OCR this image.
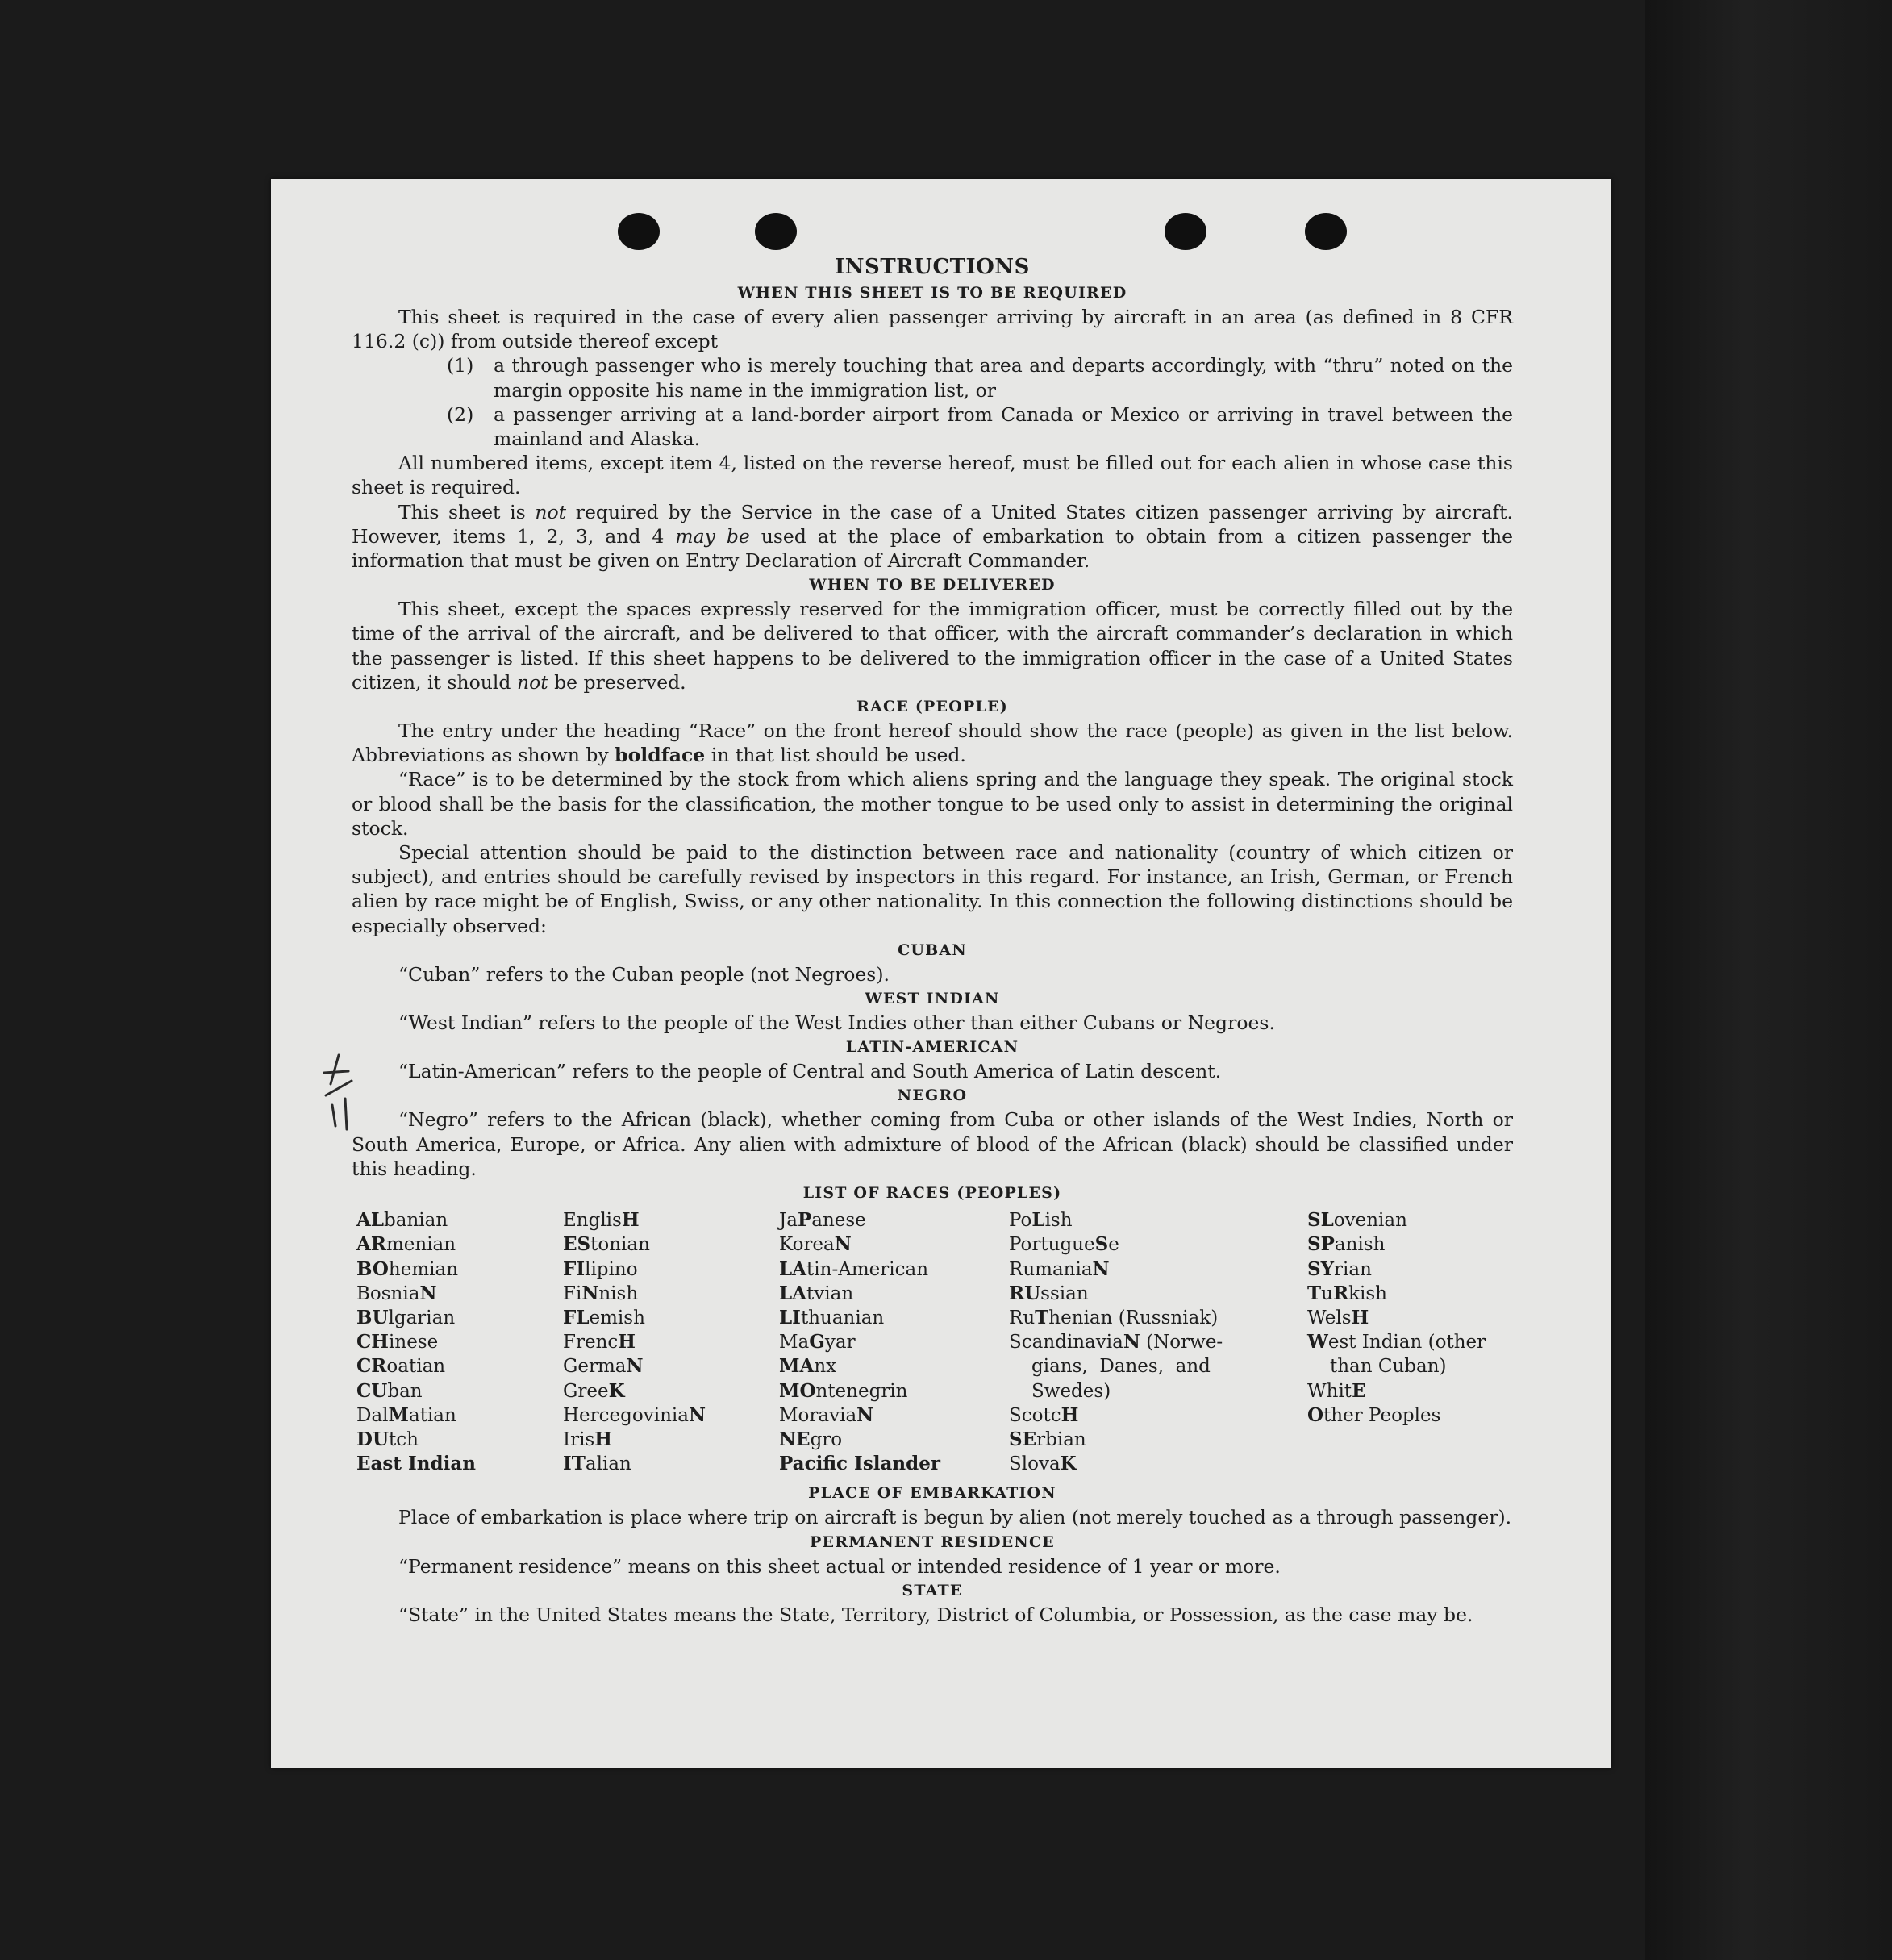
INSTRUCTIONS
WHEN THIS SHEET IS TO BE REQUIRED

This sheet is required in the case of every alien passenger arriving by aircraft in an area (as defined in 8 CFR 116.2 (c)) from outside thereof except

(1)	a through passenger who is merely touching that area and departs accordingly, with “thru” noted on the margin opposite his name in the immigration list, or
(2)	a passenger arriving at a land-border airport from Canada or Mexico or arriving in travel between the mainland and Alaska.

All numbered items, except item 4, listed on the reverse hereof, must be filled out for each alien in whose case this sheet is required.

This sheet is not required by the Service in the case of a United States citizen passenger arriving by aircraft. However, items 1, 2, 3, and 4 may be used at the place of embarkation to obtain from a citizen passenger the information that must be given on Entry Declaration of Aircraft Commander.

WHEN TO BE DELIVERED

This sheet, except the spaces expressly reserved for the immigration officer, must be correctly filled out by the time of the arrival of the aircraft, and be delivered to that officer, with the aircraft commander’s declaration in which the passenger is listed. If this sheet happens to be delivered to the immigration officer in the case of a United States citizen, it should not be preserved.

RACE (PEOPLE)

The entry under the heading “Race” on the front hereof should show the race (people) as given in the list below. Abbreviations as shown by boldface in that list should be used.

“Race” is to be determined by the stock from which aliens spring and the language they speak. The original stock or blood shall be the basis for the classification, the mother tongue to be used only to assist in determining the original stock.

Special attention should be paid to the distinction between race and nationality (country of which citizen or subject), and entries should be carefully revised by inspectors in this regard. For instance, an Irish, German, or French alien by race might be of English, Swiss, or any other nationality. In this connection the following distinctions should be especially observed:

CUBAN

“Cuban” refers to the Cuban people (not Negroes).

WEST INDIAN

“West Indian” refers to the people of the West Indies other than either Cubans or Negroes.

LATIN-AMERICAN

“Latin-American” refers to the people of Central and South America of Latin descent.

NEGRO

“Negro” refers to the African (black), whether coming from Cuba or other islands of the West Indies, North or South America, Europe, or Africa. Any alien with admixture of blood of the African (black) should be classified under this heading.

LIST OF RACES (PEOPLES)
ALbanian
ARmenian
BOhemian
BosniaN
BUlgarian
CHinese
CRoatian
CUban
DalMatian
DUtch
East Indian
EnglisH
EStonian
FIlipino
FiNnish
FLemish
FrencH
GermaN
GreeK
HercegoviniaN
IrisH
ITalian
JaPanese
KoreaN
LAtin-American
LAtvian
LIthuanian
MaGyar
MAnx
MOntenegrin
MoraviaN
NEgro
Pacific Islander
PoLish
PortugueSe
RumaniaN
RUssian
RuThenian (Russniak)
ScandinaviaN (Norwe-
gians,  Danes,  and
Swedes)
ScotcH
SErbian
SlovaK
SLovenian
SPanish
SYrian
TuRkish
WelsH
West Indian (other
than Cuban)
WhitE
Other Peoples
PLACE OF EMBARKATION

Place of embarkation is place where trip on aircraft is begun by alien (not merely touched as a through passenger).

PERMANENT RESIDENCE

“Permanent residence” means on this sheet actual or intended residence of 1 year or more.

STATE

“State” in the United States means the State, Territory, District of Columbia, or Possession, as the case may be.
